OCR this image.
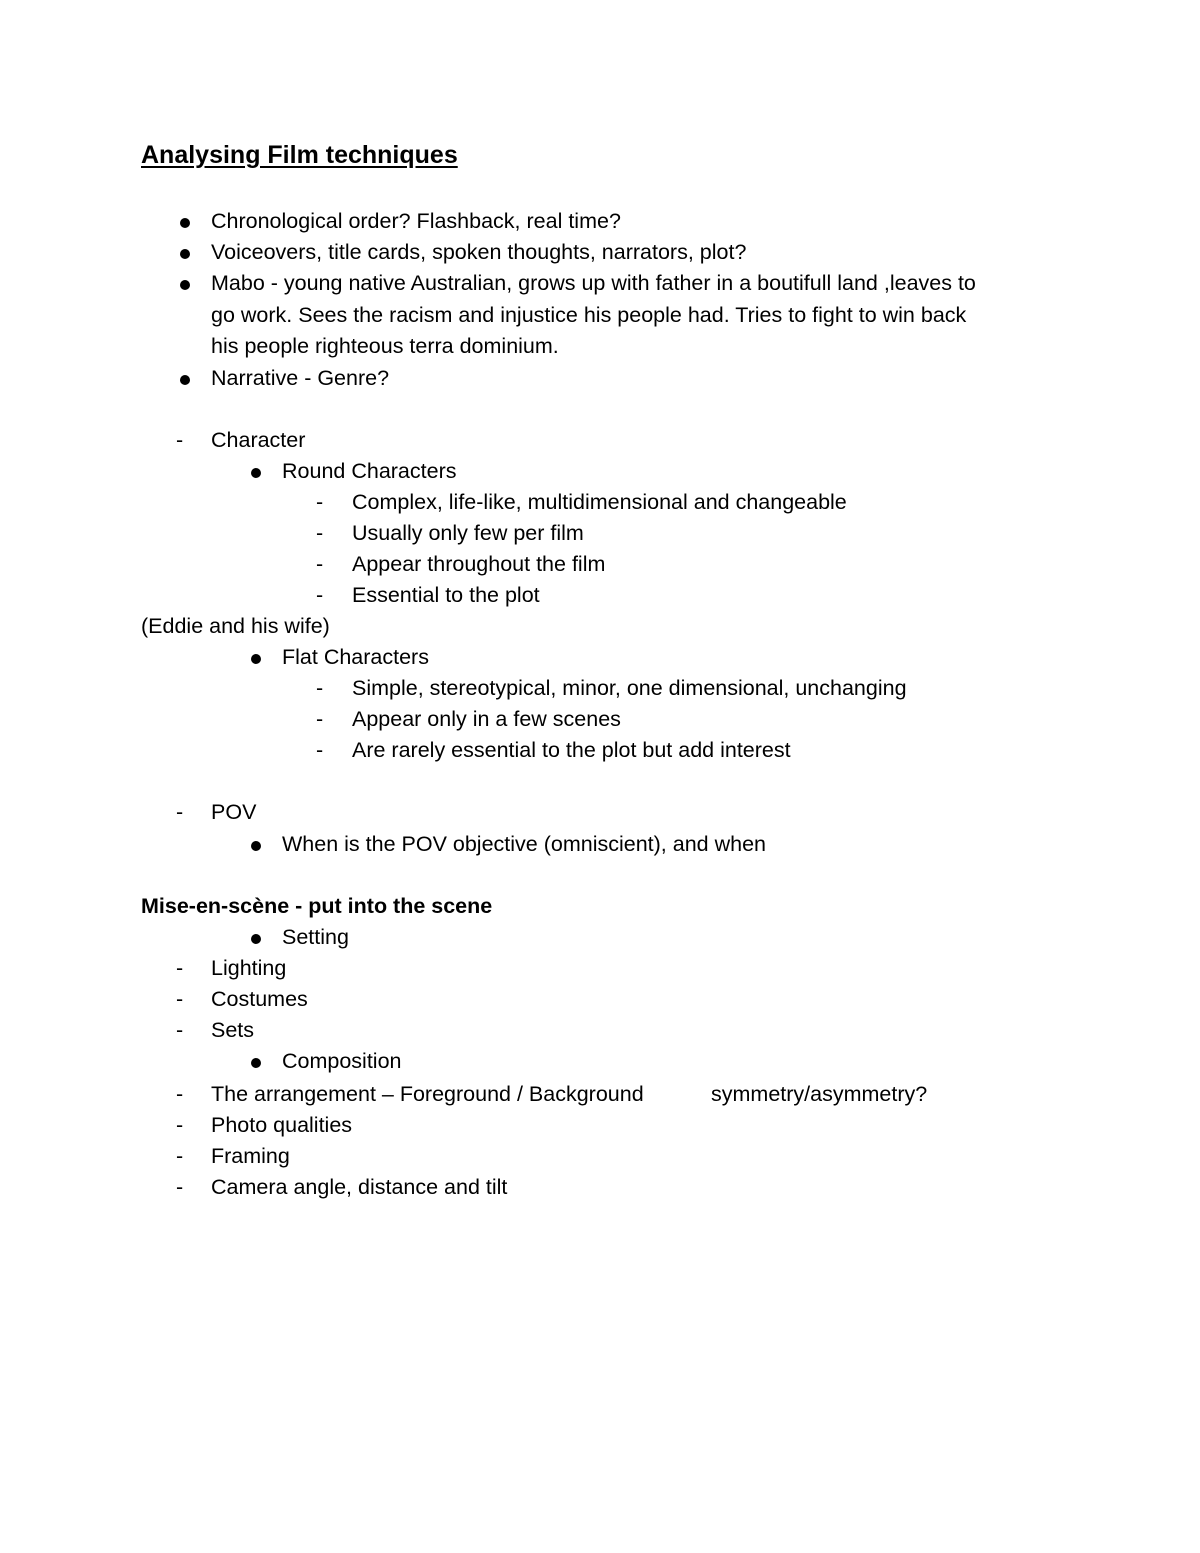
Analysing Film techniques
Chronological order? Flashback, real time?
Voiceovers, title cards, spoken thoughts, narrators, plot?
Mabo - young native Australian, grows up with father in a boutifull land ,leaves to
go work. Sees the racism and injustice his people had. Tries to fight to win back
his people righteous terra dominium.
Narrative - Genre?
- Character
Round Characters
- Complex, life-like, multidimensional and changeable
- Usually only few per film
- Appear throughout the film
- Essential to the plot
(Eddie and his wife)
Flat Characters
- Simple, stereotypical, minor, one dimensional, unchanging
- Appear only in a few scenes
- Are rarely essential to the plot but add interest
- POV
When is the POV objective (omniscient), and when
Mise-en-scène - put into the scene
Setting
- Lighting
- Costumes
- Sets
Composition
- The arrangement – Foreground / Background	symmetry/asymmetry?
- Photo qualities
- Framing
- Camera angle, distance and tilt
